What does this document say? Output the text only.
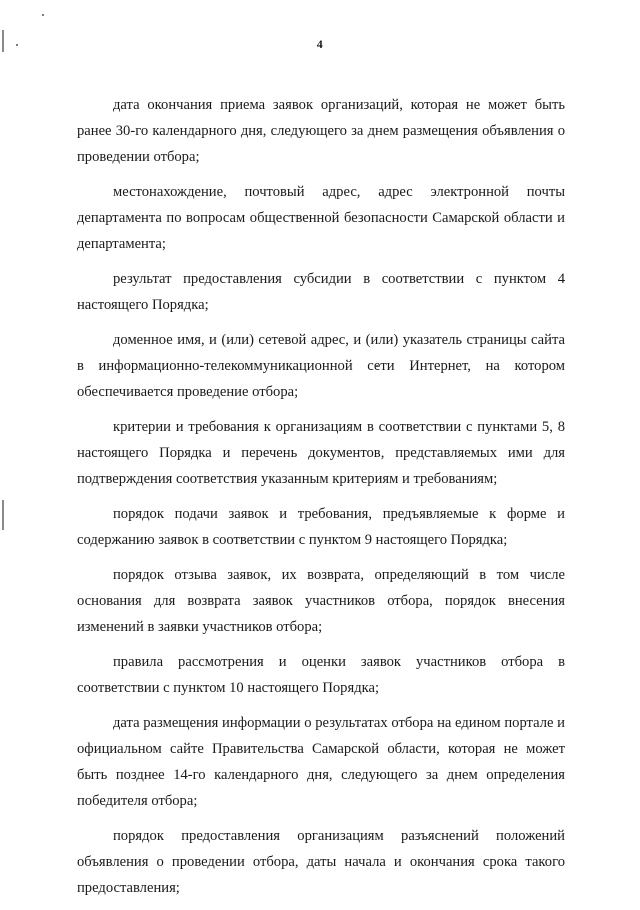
4

дата окончания приема заявок организаций, которая не может быть ранее 30-го календарного дня, следующего за днем размещения объявления о проведении отбора;

местонахождение, почтовый адрес, адрес электронной почты департамента по вопросам общественной безопасности Самарской области и департамента;

результат предоставления субсидии в соответствии с пунктом 4 настоящего Порядка;

доменное имя, и (или) сетевой адрес, и (или) указатель страницы сайта в информационно-телекоммуникационной сети Интернет, на котором обеспечивается проведение отбора;

критерии и требования к организациям в соответствии с пунктами 5, 8 настоящего Порядка и перечень документов, представляемых ими для подтверждения соответствия указанным критериям и требованиям;

порядок подачи заявок и требования, предъявляемые к форме и содержанию заявок в соответствии с пунктом 9 настоящего Порядка;

порядок отзыва заявок, их возврата, определяющий в том числе основания для возврата заявок участников отбора, порядок внесения изменений в заявки участников отбора;

правила рассмотрения и оценки заявок участников отбора в соответствии с пунктом 10 настоящего Порядка;

дата размещения информации о результатах отбора на едином портале и официальном сайте Правительства Самарской области, которая не может быть позднее 14-го календарного дня, следующего за днем определения победителя отбора;

порядок предоставления организациям разъяснений положений объявления о проведении отбора, даты начала и окончания срока такого предоставления;
